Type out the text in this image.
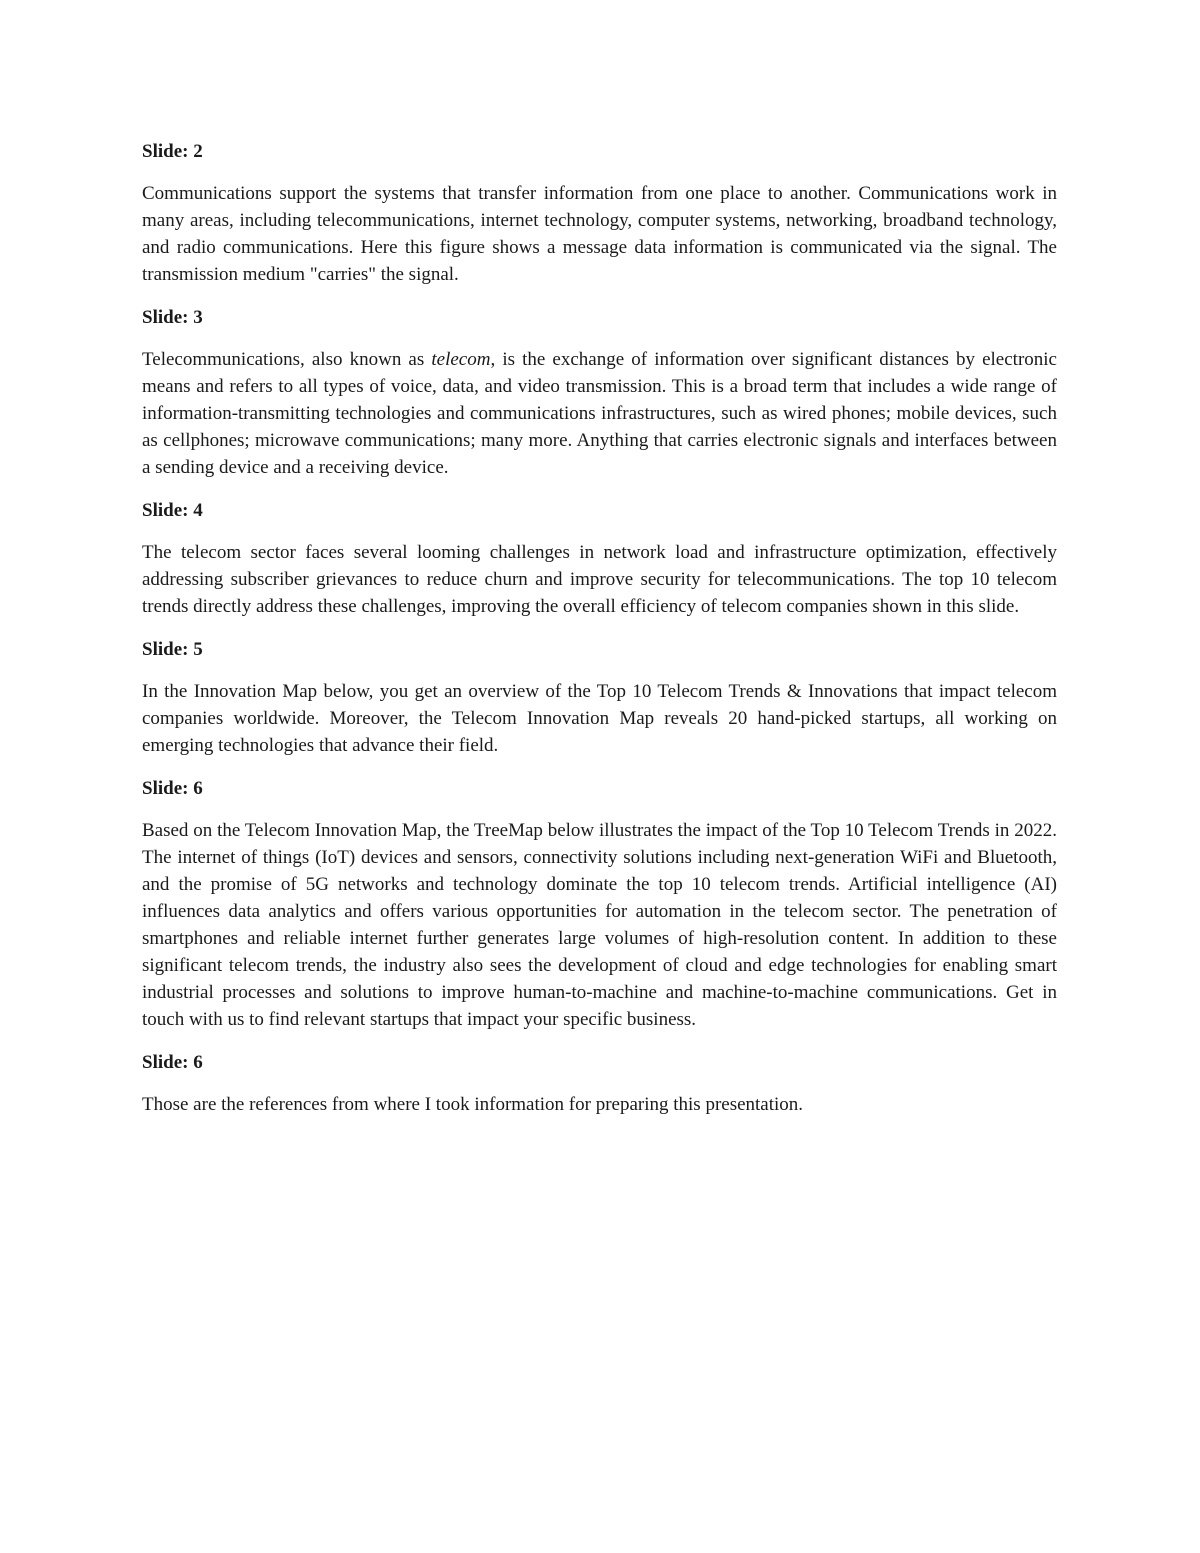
Slide: 2

Communications support the systems that transfer information from one place to another. Communications work in many areas, including telecommunications, internet technology, computer systems, networking, broadband technology, and radio communications. Here this figure shows a message data information is communicated via the signal. The transmission medium "carries" the signal.

Slide: 3

Telecommunications, also known as telecom, is the exchange of information over significant distances by electronic means and refers to all types of voice, data, and video transmission. This is a broad term that includes a wide range of information-transmitting technologies and communications infrastructures, such as wired phones; mobile devices, such as cellphones; microwave communications; many more. Anything that carries electronic signals and interfaces between a sending device and a receiving device.

Slide: 4

The telecom sector faces several looming challenges in network load and infrastructure optimization, effectively addressing subscriber grievances to reduce churn and improve security for telecommunications. The top 10 telecom trends directly address these challenges, improving the overall efficiency of telecom companies shown in this slide.

Slide: 5

In the Innovation Map below, you get an overview of the Top 10 Telecom Trends & Innovations that impact telecom companies worldwide. Moreover, the Telecom Innovation Map reveals 20 hand-picked startups, all working on emerging technologies that advance their field.

Slide: 6

Based on the Telecom Innovation Map, the TreeMap below illustrates the impact of the Top 10 Telecom Trends in 2022. The internet of things (IoT) devices and sensors, connectivity solutions including next-generation WiFi and Bluetooth, and the promise of 5G networks and technology dominate the top 10 telecom trends. Artificial intelligence (AI) influences data analytics and offers various opportunities for automation in the telecom sector. The penetration of smartphones and reliable internet further generates large volumes of high-resolution content. In addition to these significant telecom trends, the industry also sees the development of cloud and edge technologies for enabling smart industrial processes and solutions to improve human-to-machine and machine-to-machine communications. Get in touch with us to find relevant startups that impact your specific business.

Slide: 6

Those are the references from where I took information for preparing this presentation.
